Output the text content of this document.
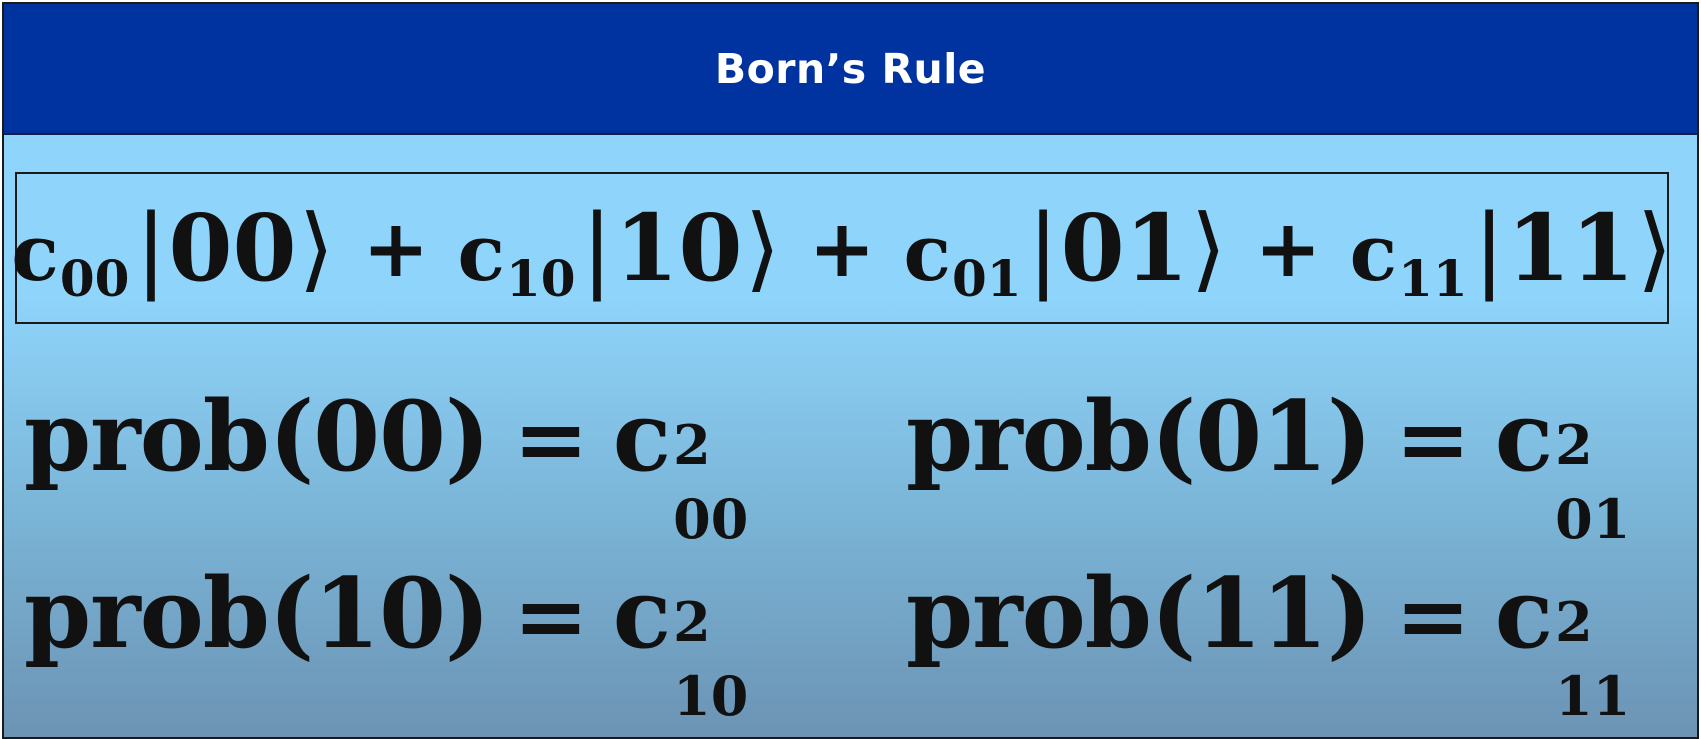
Born’s Rule
c 00 | 00 ⟩ + c 10 | 10 ⟩ + c 01 | 01 ⟩ + c 11 | 11 ⟩
prob(00) = c 2
00
prob(01) = c 2
01
prob(10) = c 2
10
prob(11) = c 2
11
